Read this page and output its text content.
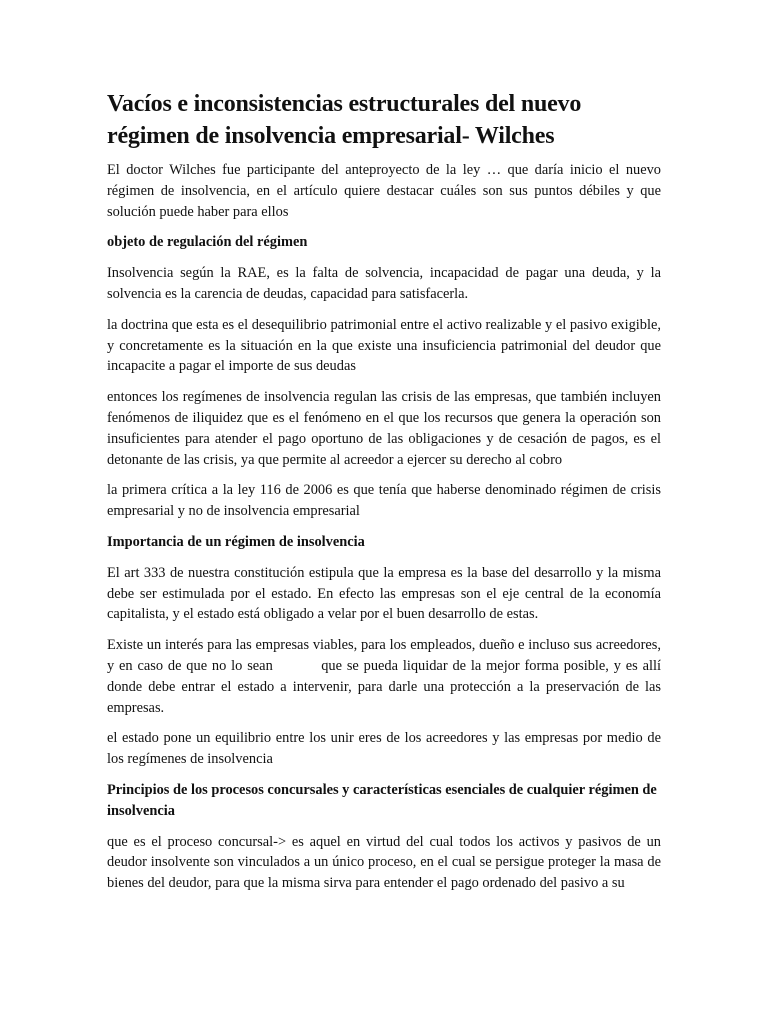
Vacíos e inconsistencias estructurales del nuevo régimen de insolvencia empresarial- Wilches

El doctor Wilches fue participante del anteproyecto de la ley … que daría inicio el nuevo régimen de insolvencia, en el artículo quiere destacar cuáles son sus puntos débiles y que solución puede haber para ellos

objeto de regulación del régimen

Insolvencia según la RAE, es la falta de solvencia, incapacidad de pagar una deuda, y la solvencia es la carencia de deudas, capacidad para satisfacerla.

la doctrina que esta es el desequilibrio patrimonial entre el activo realizable y el pasivo exigible, y concretamente es la situación en la que existe una insuficiencia patrimonial del deudor que incapacite a pagar el importe de sus deudas

entonces los regímenes de insolvencia regulan las crisis de las empresas, que también incluyen fenómenos de iliquidez que es el fenómeno en el que los recursos que genera la operación son insuficientes para atender el pago oportuno de las obligaciones y de cesación de pagos, es el detonante de las crisis, ya que permite al acreedor a ejercer su derecho al cobro

la primera crítica a la ley 116 de 2006 es que tenía que haberse denominado régimen de crisis empresarial y no de insolvencia empresarial

Importancia de un régimen de insolvencia

El art 333 de nuestra constitución estipula que la empresa es la base del desarrollo y la misma debe ser estimulada por el estado. En efecto las empresas son el eje central de la economía capitalista, y el estado está obligado a velar por el buen desarrollo de estas.

Existe un interés para las empresas viables, para los empleados, dueño e incluso sus acreedores, y en caso de que no lo sean          que se pueda liquidar de la mejor forma posible, y es allí donde debe entrar el estado a intervenir, para darle una protección a la preservación de las empresas.

el estado pone un equilibrio entre los unir eres de los acreedores y las empresas por medio de los regímenes de insolvencia

Principios de los procesos concursales y características esenciales de cualquier régimen de insolvencia

que es el proceso concursal-> es aquel en virtud del cual todos los activos y pasivos de un deudor insolvente son vinculados a un único proceso, en el cual se persigue proteger la masa de bienes del deudor, para que la misma sirva para entender el pago ordenado del pasivo a su
